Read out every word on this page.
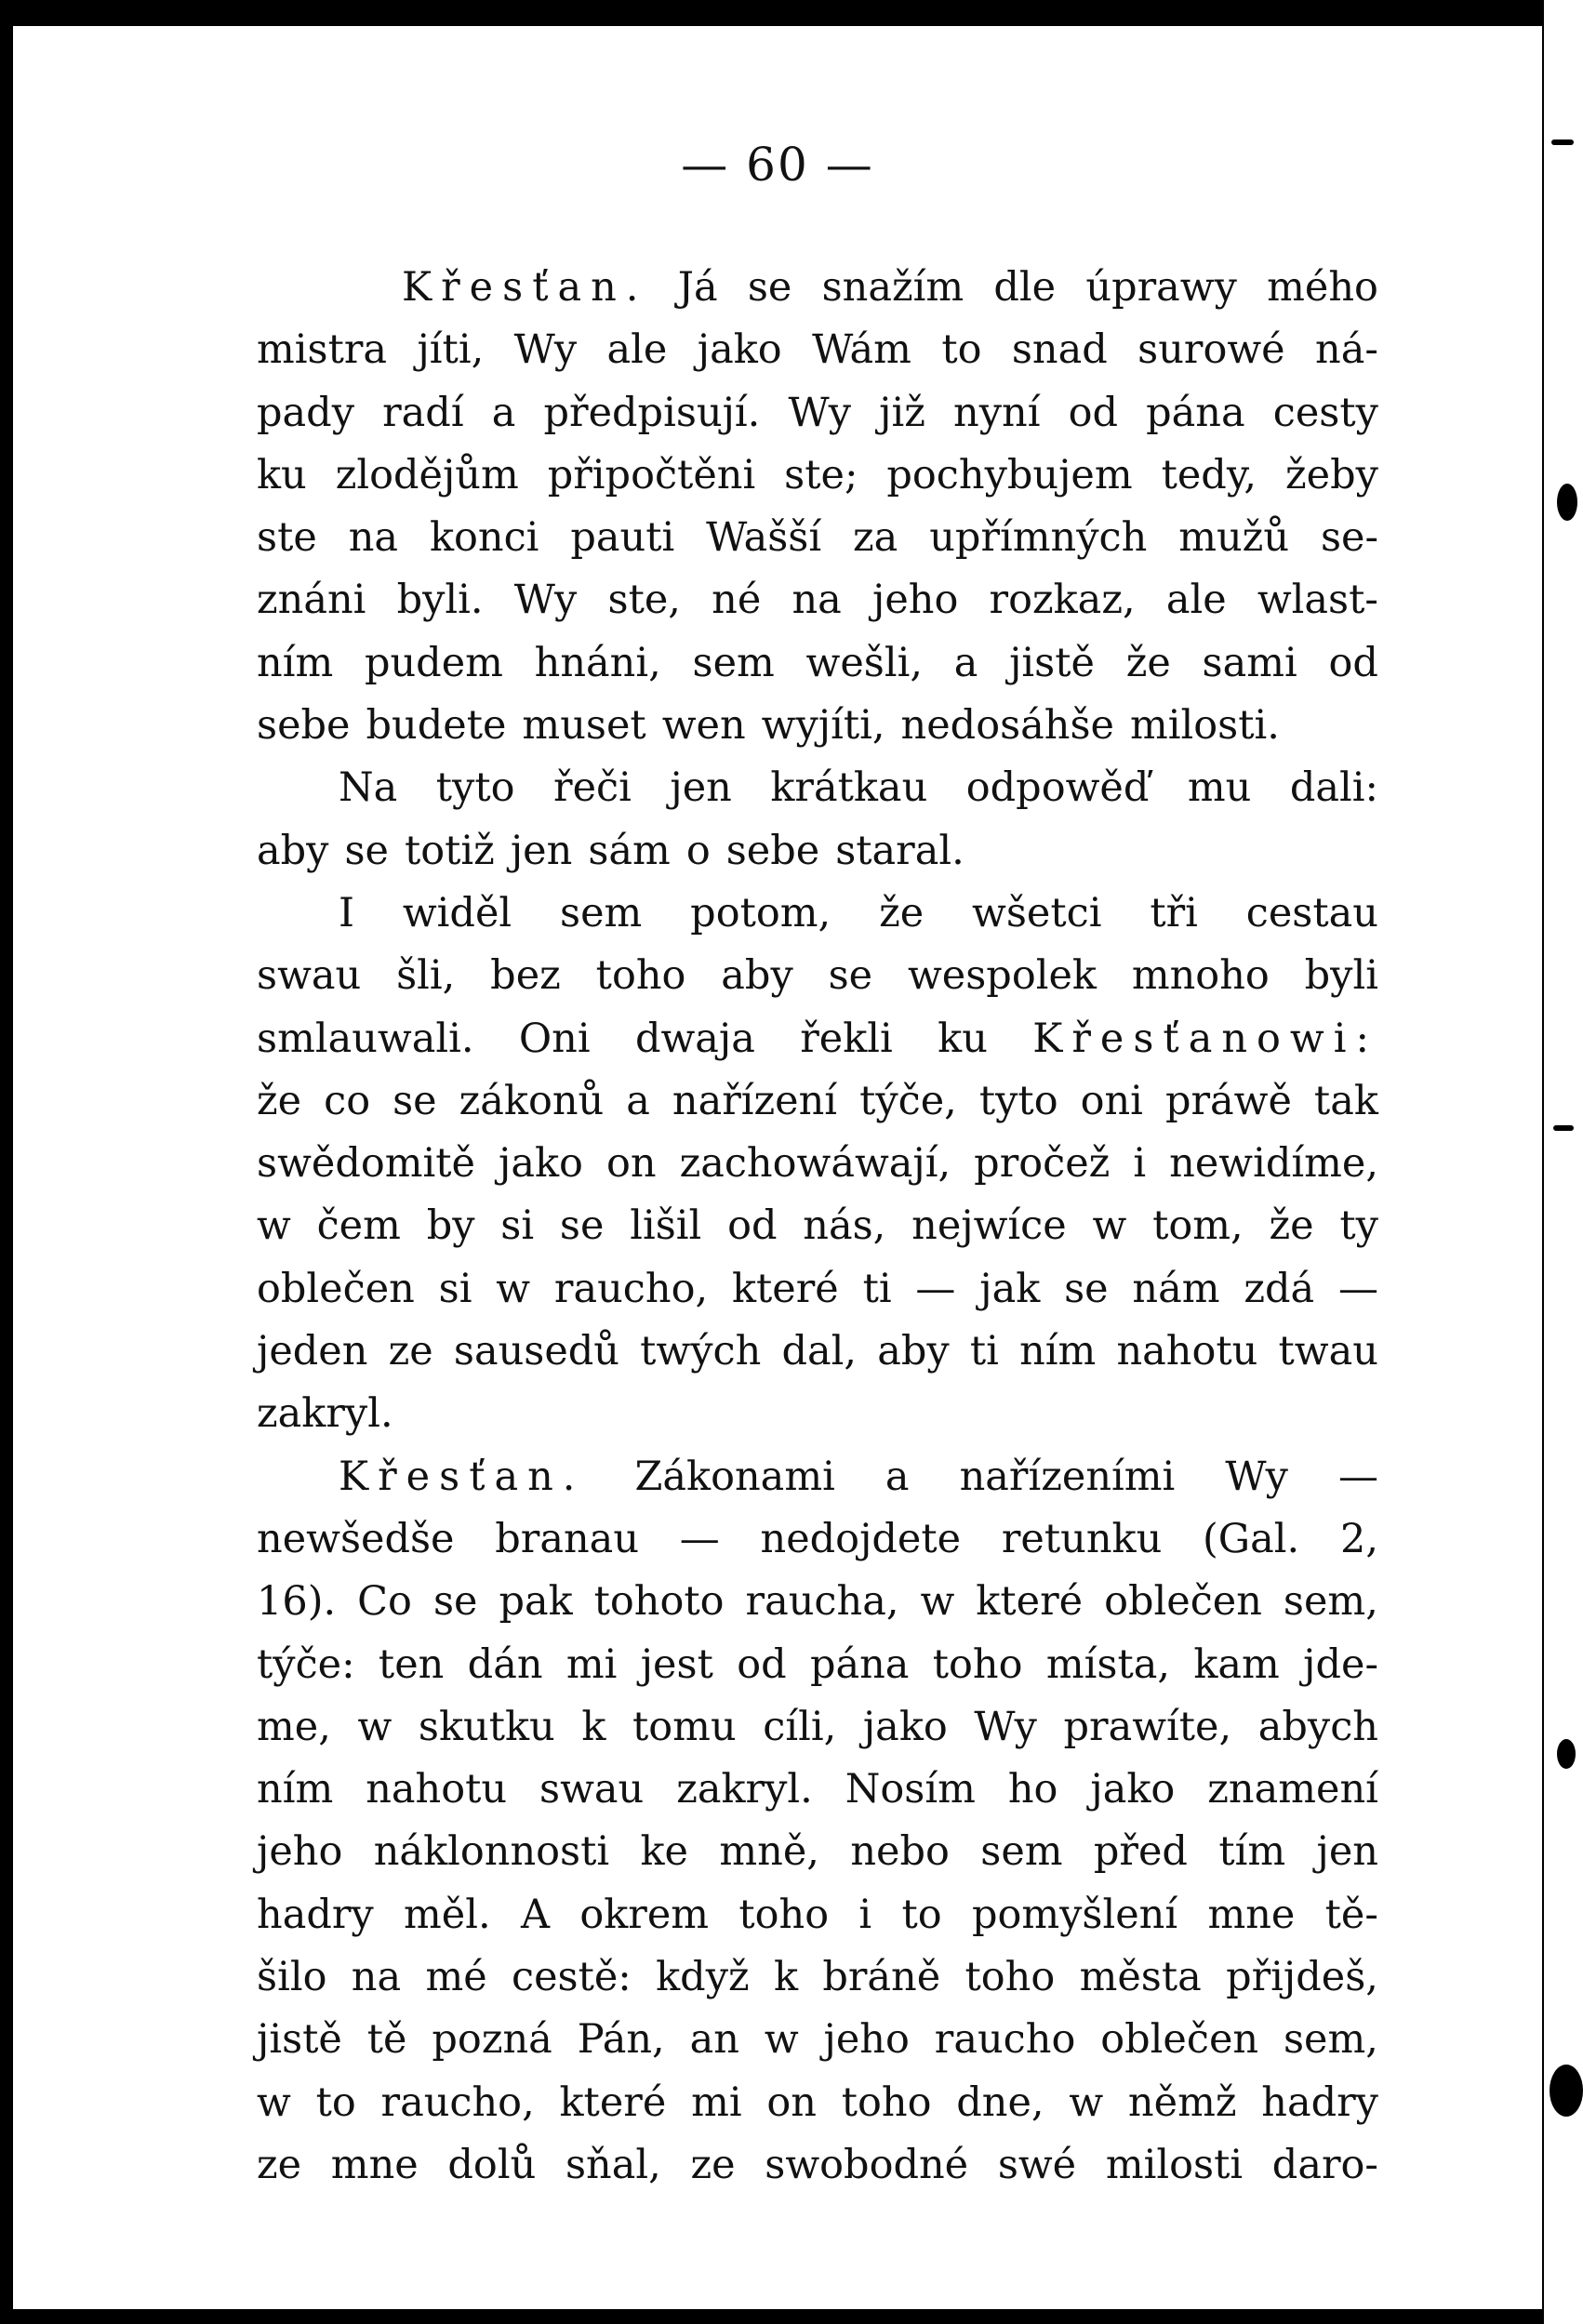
— 60 —

Křesťan. Já se snažím dle úprawy mého
mistra jíti, Wy ale jako Wám to snad surowé ná-
pady radí a předpisují. Wy již nyní od pána cesty
ku zlodějům připočtěni ste; pochybujem tedy, žeby
ste na konci pauti Wašší za upřímných mužů se-
znáni byli. Wy ste, né na jeho rozkaz, ale wlast-
ním pudem hnáni, sem wešli, a jistě že sami od
sebe budete muset wen wyjíti, nedosáhše milosti.
Na tyto řeči jen krátkau odpowěď mu dali:
aby se totiž jen sám o sebe staral.
I widěl sem potom, že wšetci tři cestau
swau šli, bez toho aby se wespolek mnoho byli
smlauwali. Oni dwaja řekli ku Křesťanowi:
že co se zákonů a nařízení týče, tyto oni práwě tak
swědomitě jako on zachowáwají, pročež i newidíme,
w čem by si se lišil od nás, nejwíce w tom, že ty
oblečen si w raucho, které ti — jak se nám zdá —
jeden ze sausedů twých dal, aby ti ním nahotu twau
zakryl.
Křesťan. Zákonami a nařízeními Wy —
newšedše branau — nedojdete retunku (Gal. 2,
16). Co se pak tohoto raucha, w které oblečen sem,
týče: ten dán mi jest od pána toho místa, kam jde-
me, w skutku k tomu cíli, jako Wy prawíte, abych
ním nahotu swau zakryl. Nosím ho jako znamení
jeho náklonnosti ke mně, nebo sem před tím jen
hadry měl. A okrem toho i to pomyšlení mne tě-
šilo na mé cestě: když k bráně toho města přijdeš,
jistě tě pozná Pán, an w jeho raucho oblečen sem,
w to raucho, které mi on toho dne, w němž hadry
ze mne dolů sňal, ze swobodné swé milosti daro-
